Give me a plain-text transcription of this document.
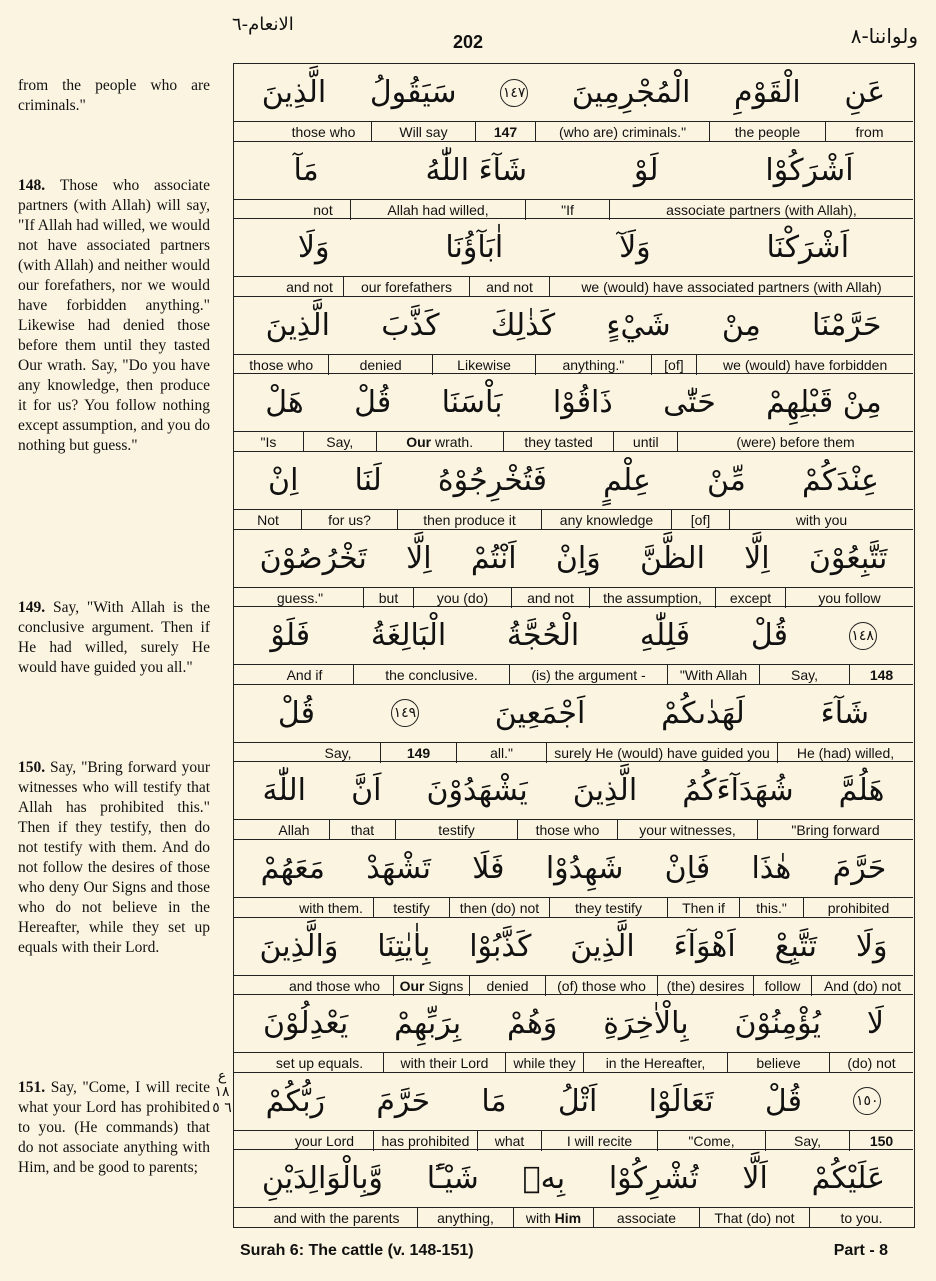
الانعام-٦
202	ولواننا-٨
from the people who are criminals."
148. Those who associate partners (with Allah) will say, "If Allah had willed, we would not have associated partners (with Allah) and neither would our forefathers, nor we would have forbidden anything." Likewise had denied those before them until they tasted Our wrath. Say, "Do you have any knowledge, then produce it for us? You follow nothing except assumption, and you do nothing but guess."
149. Say, "With Allah is the conclusive argument. Then if He had willed, surely He would have guided you all."
150. Say, "Bring forward your witnesses who will testify that Allah has prohibited this." Then if they testify, then do not testify with them. And do not follow the desires of those who deny Our Signs and those who do not believe in the Hereafter, while they set up equals with their Lord.
151. Say, "Come, I will recite what your Lord has prohibited to you. (He commands) that do not associate anything with Him, and be good to parents;
ع ١٨ ٦ ٥
عَنِ
الْقَوْمِ
الْمُجْرِمِينَ
١٤٧
سَيَقُولُ
الَّذِينَ
from
the people
(who are) criminals."
147
Will say
those who
اَشْرَكُوْا
لَوْ
شَآءَ اللّٰهُ
مَآ
associate partners (with Allah),
"If
Allah had willed,
not
اَشْرَكْنَا
وَلَآ
اٰبَآؤُنَا
وَلَا
we (would) have associated partners (with Allah)
and not
our forefathers
and not
حَرَّمْنَا
مِنْ
شَيْءٍ
كَذٰلِكَ
كَذَّبَ
الَّذِينَ
we (would) have forbidden
[of]
anything."
Likewise
denied
those who
مِنْ قَبْلِهِمْ
حَتّٰى
ذَاقُوْا
بَاْسَنَا
قُلْ
هَلْ
(were) before them
until
they tasted
Our wrath.
Say,
"Is
عِنْدَكُمْ
مِّنْ
عِلْمٍ
فَتُخْرِجُوْهُ
لَنَا
اِنْ
with you
[of]
any knowledge
then produce it
for us?
Not
تَتَّبِعُوْنَ
اِلَّا
الظَّنَّ
وَاِنْ
اَنْتُمْ
اِلَّا
تَخْرُصُوْنَ
you follow
except
the assumption,
and not
you (do)
but
guess."
١٤٨
قُلْ
فَلِلّٰهِ
الْحُجَّةُ
الْبَالِغَةُ
فَلَوْ
148
Say,
"With Allah
(is) the argument -
the conclusive.
And if
شَآءَ
لَهَدٰىكُمْ
اَجْمَعِينَ
١٤٩
قُلْ
He (had) willed,
surely He (would) have guided you
all."
149
Say,
هَلُمَّ
شُهَدَآءَكُمُ
الَّذِينَ
يَشْهَدُوْنَ
اَنَّ
اللّٰهَ
"Bring forward
your witnesses,
those who
testify
that
Allah
حَرَّمَ
هٰذَا
فَاِنْ
شَهِدُوْا
فَلَا
تَشْهَدْ
مَعَهُمْ
prohibited
this."
Then if
they testify
then (do) not
testify
with them.
وَلَا
تَتَّبِعْ
اَهْوَآءَ
الَّذِينَ
كَذَّبُوْا
بِاٰيٰتِنَا
وَالَّذِينَ
And (do) not
follow
(the) desires
(of) those who
denied
Our Signs
and those who
لَا
يُؤْمِنُوْنَ
بِالْاٰخِرَةِ
وَهُمْ
بِرَبِّهِمْ
يَعْدِلُوْنَ
(do) not
believe
in the Hereafter,
while they
with their Lord
set up equals.
١٥٠
قُلْ
تَعَالَوْا
اَتْلُ
مَا
حَرَّمَ
رَبُّكُمْ
150
Say,
"Come,
I will recite
what
has prohibited
your Lord
عَلَيْكُمْ
اَلَّا
تُشْرِكُوْا
بِهٖ
شَيْـًٔا
وَّبِالْوَالِدَيْنِ
to you.
That (do) not
associate
with Him
anything,
and with the parents
Surah 6: The cattle (v. 148-151)	Part - 8
